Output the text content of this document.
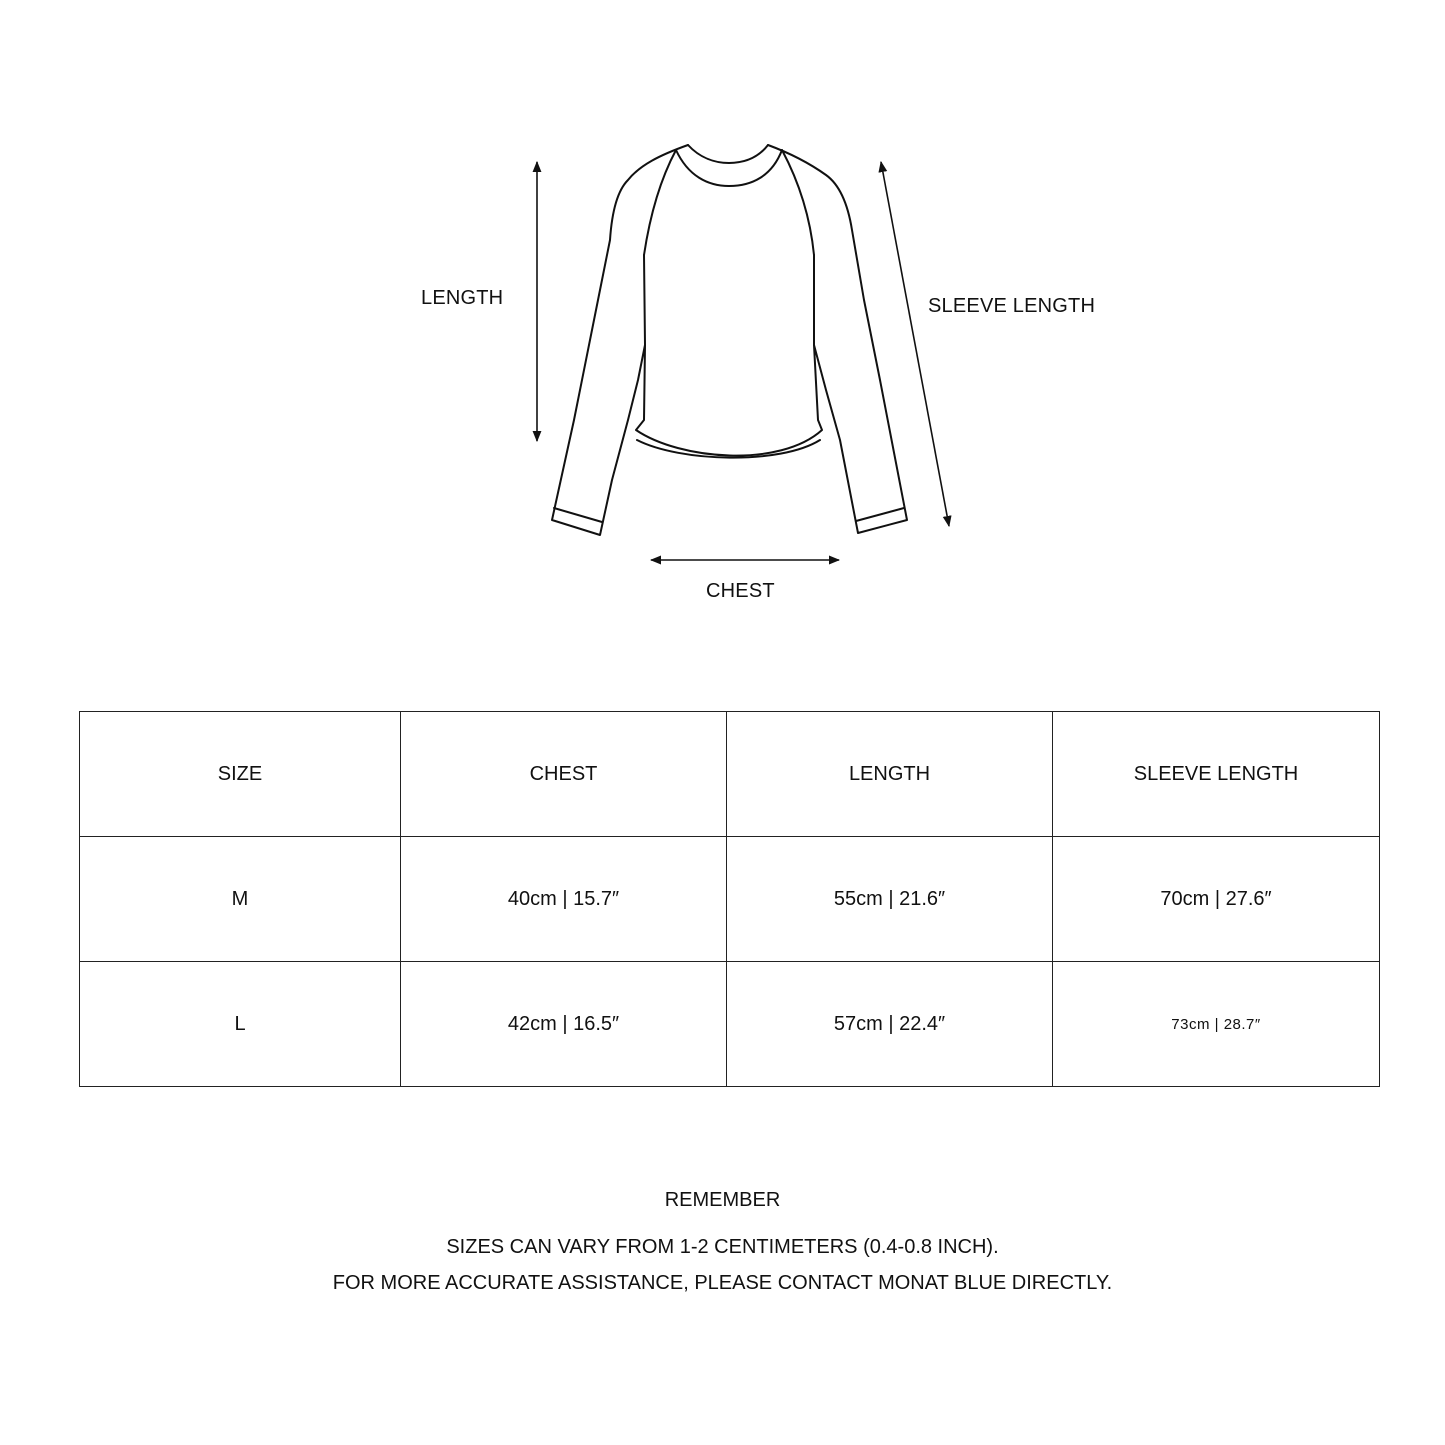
LENGTH	SLEEVE LENGTH
CHEST
SIZE	CHEST	LENGTH	SLEEVE LENGTH
M	40cm | 15.7″	55cm | 21.6″	70cm | 27.6″
L	42cm | 16.5″	57cm | 22.4″	73cm | 28.7″
REMEMBER
SIZES CAN VARY FROM 1-2 CENTIMETERS (0.4-0.8 INCH).
FOR MORE ACCURATE ASSISTANCE, PLEASE CONTACT MONAT BLUE DIRECTLY.
